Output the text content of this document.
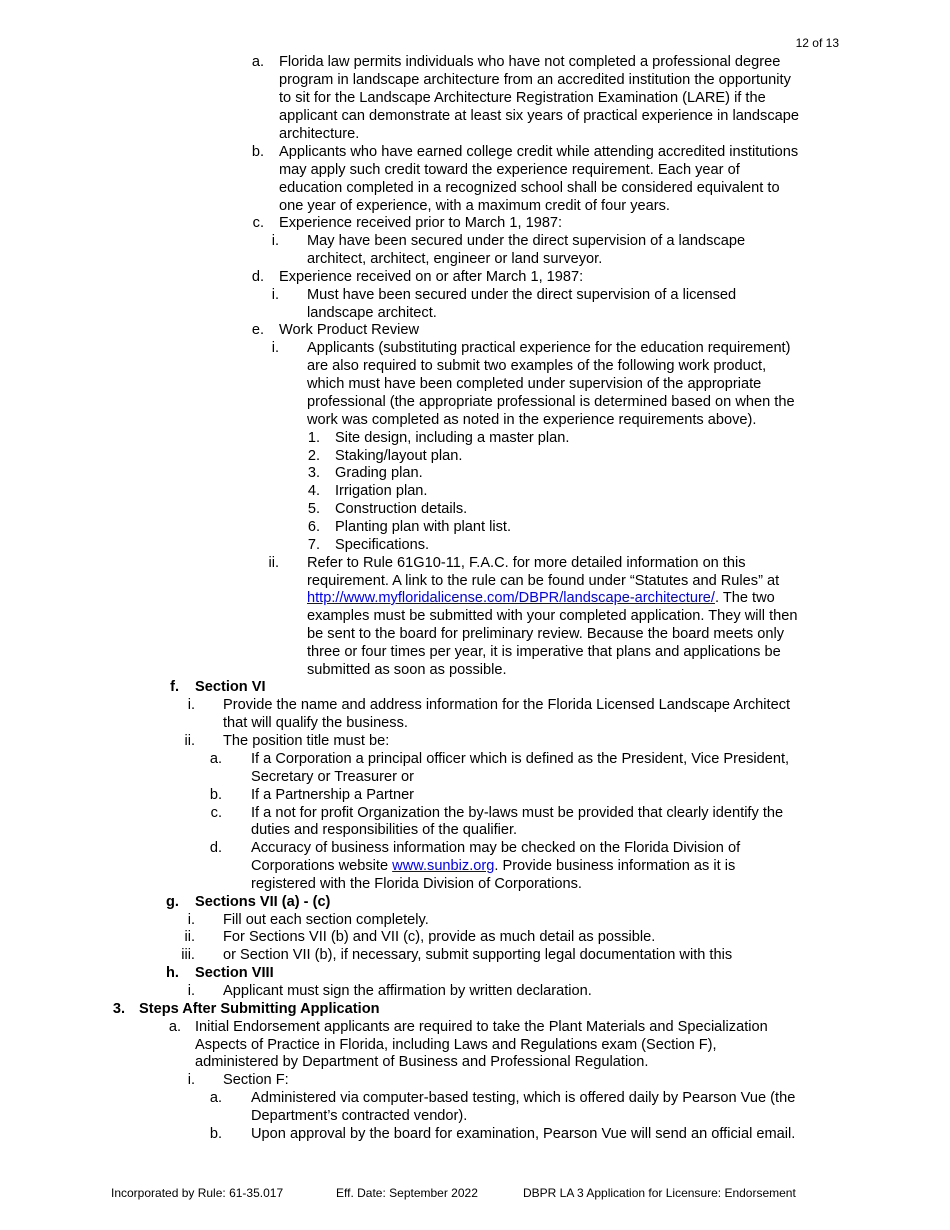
12 of 13
a. Florida law permits individuals who have not completed a professional degree
program in landscape architecture from an accredited institution the opportunity
to sit for the Landscape Architecture Registration Examination (LARE) if the
applicant can demonstrate at least six years of practical experience in landscape
architecture.
b. Applicants who have earned college credit while attending accredited institutions
may apply such credit toward the experience requirement. Each year of
education completed in a recognized school shall be considered equivalent to
one year of experience, with a maximum credit of four years.
c. Experience received prior to March 1, 1987:
i. May have been secured under the direct supervision of a landscape
architect, architect, engineer or land surveyor.
d. Experience received on or after March 1, 1987:
i. Must have been secured under the direct supervision of a licensed
landscape architect.
e. Work Product Review
i. Applicants (substituting practical experience for the education requirement)
are also required to submit two examples of the following work product,
which must have been completed under supervision of the appropriate
professional (the appropriate professional is determined based on when the
work was completed as noted in the experience requirements above).
1. Site design, including a master plan.
2. Staking/layout plan.
3. Grading plan.
4. Irrigation plan.
5. Construction details.
6. Planting plan with plant list.
7. Specifications.
ii. Refer to Rule 61G10-11, F.A.C. for more detailed information on this
requirement. A link to the rule can be found under “Statutes and Rules” at
http://www.myfloridalicense.com/DBPR/landscape-architecture/. The two
examples must be submitted with your completed application. They will then
be sent to the board for preliminary review. Because the board meets only
three or four times per year, it is imperative that plans and applications be
submitted as soon as possible.
f. Section VI
i. Provide the name and address information for the Florida Licensed Landscape Architect
that will qualify the business.
ii. The position title must be:
a. If a Corporation a principal officer which is defined as the President, Vice President,
Secretary or Treasurer or
b. If a Partnership a Partner
c. If a not for profit Organization the by-laws must be provided that clearly identify the
duties and responsibilities of the qualifier.
d. Accuracy of business information may be checked on the Florida Division of
Corporations website www.sunbiz.org. Provide business information as it is
registered with the Florida Division of Corporations.
g. Sections VII (a) - (c)
i. Fill out each section completely.
ii. For Sections VII (b) and VII (c), provide as much detail as possible.
iii. or Section VII (b), if necessary, submit supporting legal documentation with this
h. Section VIII
i. Applicant must sign the affirmation by written declaration.
3. Steps After Submitting Application
a. Initial Endorsement applicants are required to take the Plant Materials and Specialization
Aspects of Practice in Florida, including Laws and Regulations exam (Section F),
administered by Department of Business and Professional Regulation.
i. Section F:
a. Administered via computer-based testing, which is offered daily by Pearson Vue (the
Department’s contracted vendor).
b. Upon approval by the board for examination, Pearson Vue will send an official email.
Incorporated by Rule: 61-35.017	Eff. Date: September 2022	DBPR LA 3 Application for Licensure: Endorsement
